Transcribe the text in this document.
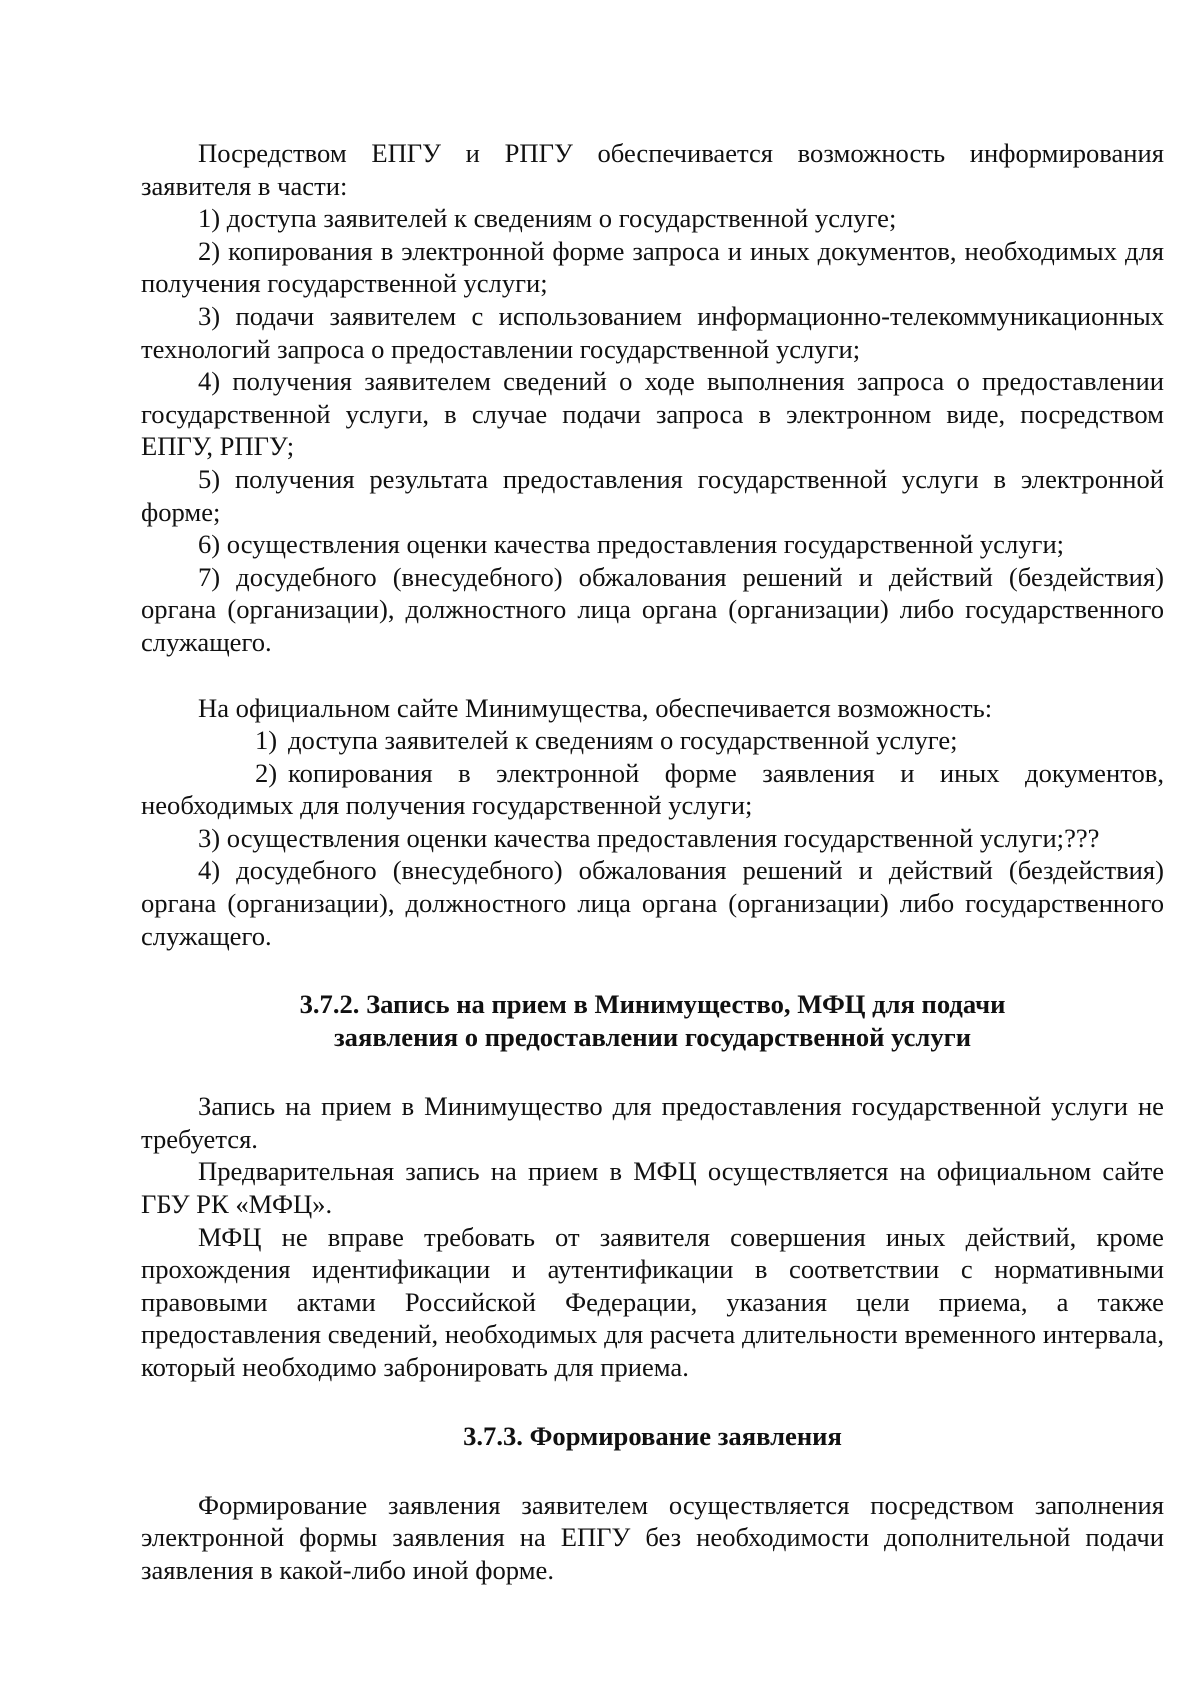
Посредством ЕПГУ и РПГУ обеспечивается возможность информирования заявителя в части:

1) доступа заявителей к сведениям о государственной услуге;

2) копирования в электронной форме запроса и иных документов, необходимых для получения государственной услуги;

3) подачи заявителем с использованием информационно-телекоммуникационных технологий запроса о предоставлении государственной услуги;

4) получения заявителем сведений о ходе выполнения запроса о предоставлении государственной услуги, в случае подачи запроса в электронном виде, посредством ЕПГУ, РПГУ;

5) получения результата предоставления государственной услуги в электронной форме;

6) осуществления оценки качества предоставления государственной услуги;

7) досудебного (внесудебного) обжалования решений и действий (бездействия) органа (организации), должностного лица органа (организации) либо государственного служащего.

На официальном сайте Минимущества, обеспечивается возможность:

1) доступа заявителей к сведениям о государственной услуге;

2) копирования в электронной форме заявления и иных документов, необходимых для получения государственной услуги;

3) осуществления оценки качества предоставления государственной услуги;???

4) досудебного (внесудебного) обжалования решений и действий (бездействия) органа (организации), должностного лица органа (организации) либо государственного служащего.

3.7.2. Запись на прием в Минимущество, МФЦ для подачи

заявления о предоставлении государственной услуги

Запись на прием в Минимущество для предоставления государственной услуги не требуется.

Предварительная запись на прием в МФЦ осуществляется на официальном сайте ГБУ РК «МФЦ».

МФЦ не вправе требовать от заявителя совершения иных действий, кроме прохождения идентификации и аутентификации в соответствии с нормативными правовыми актами Российской Федерации, указания цели приема, а также предоставления сведений, необходимых для расчета длительности временного интервала, который необходимо забронировать для приема.

3.7.3. Формирование заявления

Формирование заявления заявителем осуществляется посредством заполнения электронной формы заявления на ЕПГУ без необходимости дополнительной подачи заявления в какой-либо иной форме.
